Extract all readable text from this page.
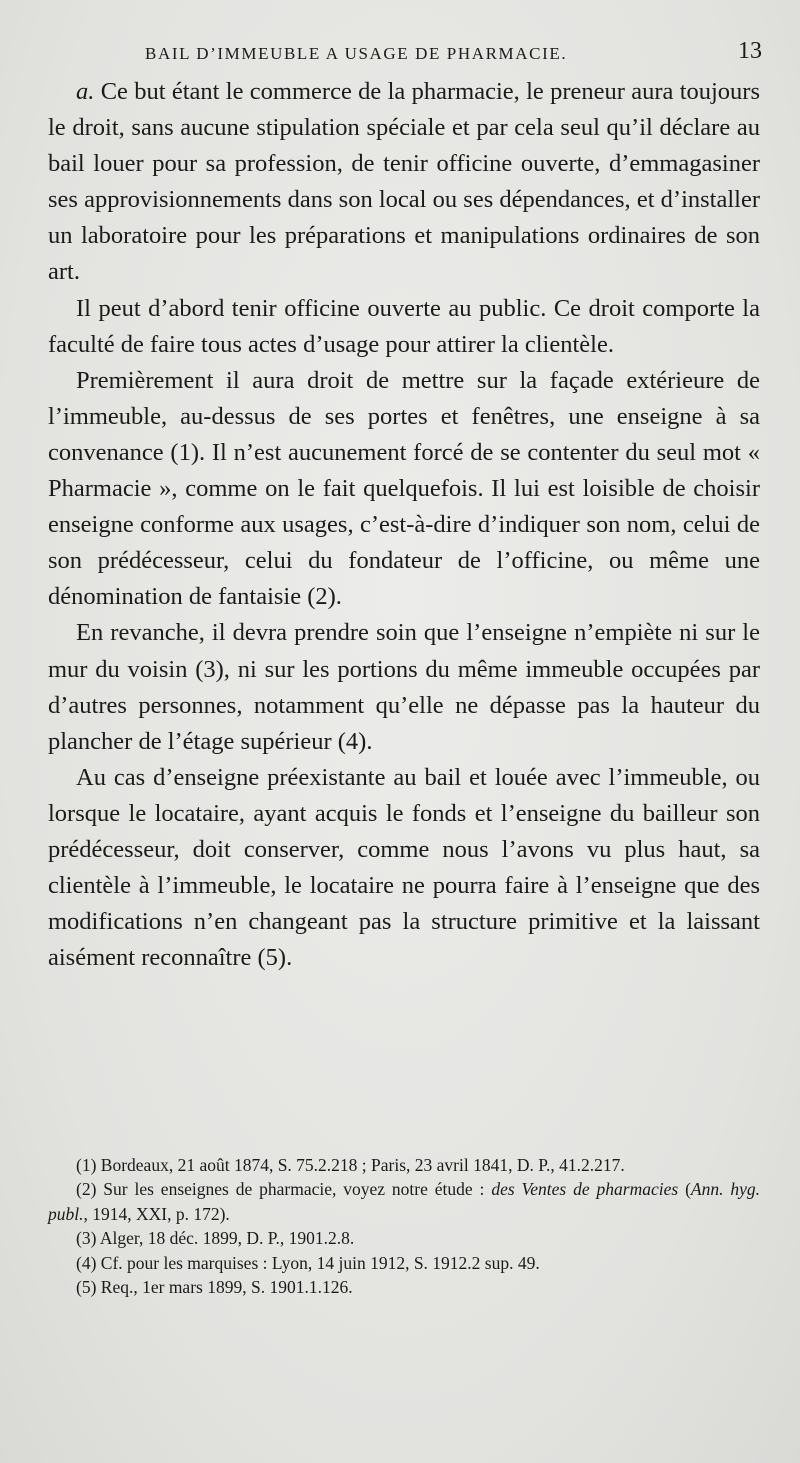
BAIL D’IMMEUBLE A USAGE DE PHARMACIE.	13

a. Ce but étant le commerce de la pharmacie, le preneur aura toujours le droit, sans aucune stipulation spéciale et par cela seul qu’il déclare au bail louer pour sa profession, de tenir officine ouverte, d’emmagasiner ses approvisionnements dans son local ou ses dépendances, et d’installer un laboratoire pour les préparations et manipulations ordinaires de son art.

Il peut d’abord tenir officine ouverte au public. Ce droit comporte la faculté de faire tous actes d’usage pour attirer la clientèle.

Premièrement il aura droit de mettre sur la façade extérieure de l’immeuble, au-dessus de ses portes et fenêtres, une enseigne à sa convenance (1). Il n’est aucunement forcé de se contenter du seul mot « Pharmacie », comme on le fait quelquefois. Il lui est loisible de choisir enseigne conforme aux usages, c’est-à-dire d’indiquer son nom, celui de son prédécesseur, celui du fondateur de l’officine, ou même une dénomination de fantaisie (2).

En revanche, il devra prendre soin que l’enseigne n’empiète ni sur le mur du voisin (3), ni sur les portions du même immeuble occupées par d’autres personnes, notamment qu’elle ne dépasse pas la hauteur du plancher de l’étage supérieur (4).

Au cas d’enseigne préexistante au bail et louée avec l’immeuble, ou lorsque le locataire, ayant acquis le fonds et l’enseigne du bailleur son prédécesseur, doit conserver, comme nous l’avons vu plus haut, sa clientèle à l’immeuble, le locataire ne pourra faire à l’enseigne que des modifications n’en changeant pas la structure primitive et la laissant aisément reconnaître (5).

(1) Bordeaux, 21 août 1874, S. 75.2.218 ; Paris, 23 avril 1841, D. P., 41.2.217.

(2) Sur les enseignes de pharmacie, voyez notre étude : des Ventes de pharmacies (Ann. hyg. publ., 1914, XXI, p. 172).

(3) Alger, 18 déc. 1899, D. P., 1901.2.8.

(4) Cf. pour les marquises : Lyon, 14 juin 1912, S. 1912.2 sup. 49.

(5) Req., 1er mars 1899, S. 1901.1.126.
